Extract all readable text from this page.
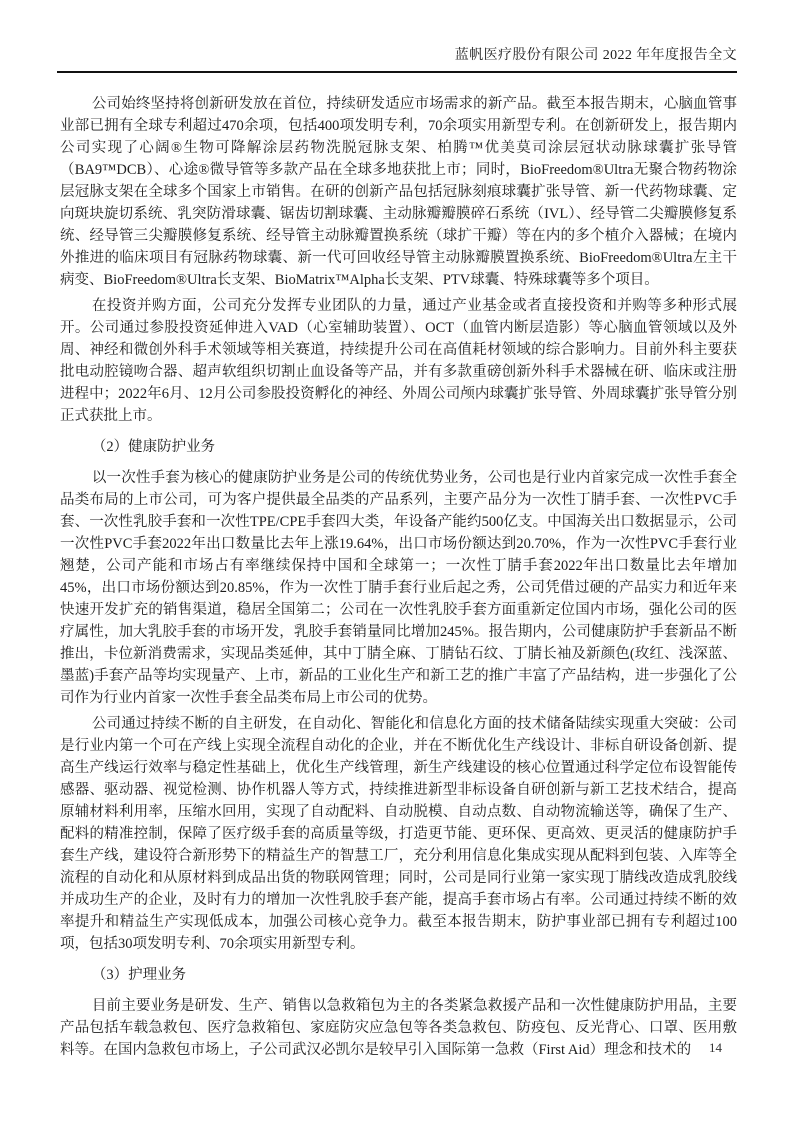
蓝帆医疗股份有限公司 2022 年年度报告全文

公司始终坚持将创新研发放在首位，持续研发适应市场需求的新产品。截至本报告期末，心脑血管事业部已拥有全球专利超过470余项，包括400项发明专利，70余项实用新型专利。在创新研发上，报告期内公司实现了心阔®生物可降解涂层药物洗脱冠脉支架、柏腾™优美莫司涂层冠状动脉球囊扩张导管（BA9™DCB）、心途®微导管等多款产品在全球多地获批上市；同时，BioFreedom®Ultra无聚合物药物涂层冠脉支架在全球多个国家上市销售。在研的创新产品包括冠脉刻痕球囊扩张导管、新一代药物球囊、定向斑块旋切系统、乳突防滑球囊、锯齿切割球囊、主动脉瓣瓣膜碎石系统（IVL）、经导管二尖瓣膜修复系统、经导管三尖瓣膜修复系统、经导管主动脉瓣置换系统（球扩干瓣）等在内的多个植介入器械；在境内外推进的临床项目有冠脉药物球囊、新一代可回收经导管主动脉瓣膜置换系统、BioFreedom®Ultra左主干病变、BioFreedom®Ultra长支架、BioMatrix™Alpha长支架、PTV球囊、特殊球囊等多个项目。

在投资并购方面，公司充分发挥专业团队的力量，通过产业基金或者直接投资和并购等多种形式展开。公司通过参股投资延伸进入VAD（心室辅助装置）、OCT（血管内断层造影）等心脑血管领域以及外周、神经和微创外科手术领域等相关赛道，持续提升公司在高值耗材领域的综合影响力。目前外科主要获批电动腔镜吻合器、超声软组织切割止血设备等产品，并有多款重磅创新外科手术器械在研、临床或注册进程中；2022年6月、12月公司参股投资孵化的神经、外周公司颅内球囊扩张导管、外周球囊扩张导管分别正式获批上市。

（2）健康防护业务

以一次性手套为核心的健康防护业务是公司的传统优势业务，公司也是行业内首家完成一次性手套全品类布局的上市公司，可为客户提供最全品类的产品系列，主要产品分为一次性丁腈手套、一次性PVC手套、一次性乳胶手套和一次性TPE/CPE手套四大类，年设备产能约500亿支。中国海关出口数据显示，公司一次性PVC手套2022年出口数量比去年上涨19.64%，出口市场份额达到20.70%，作为一次性PVC手套行业翘楚，公司产能和市场占有率继续保持中国和全球第一；一次性丁腈手套2022年出口数量比去年增加45%，出口市场份额达到20.85%，作为一次性丁腈手套行业后起之秀，公司凭借过硬的产品实力和近年来快速开发扩充的销售渠道，稳居全国第二；公司在一次性乳胶手套方面重新定位国内市场，强化公司的医疗属性，加大乳胶手套的市场开发，乳胶手套销量同比增加245%。报告期内，公司健康防护手套新品不断推出，卡位新消费需求，实现品类延伸，其中丁腈全麻、丁腈钻石纹、丁腈长袖及新颜色(玫红、浅深蓝、墨蓝)手套产品等均实现量产、上市，新品的工业化生产和新工艺的推广丰富了产品结构，进一步强化了公司作为行业内首家一次性手套全品类布局上市公司的优势。

公司通过持续不断的自主研发，在自动化、智能化和信息化方面的技术储备陆续实现重大突破：公司是行业内第一个可在产线上实现全流程自动化的企业，并在不断优化生产线设计、非标自研设备创新、提高生产线运行效率与稳定性基础上，优化生产线管理，新生产线建设的核心位置通过科学定位布设智能传感器、驱动器、视觉检测、协作机器人等方式，持续推进新型非标设备自研创新与新工艺技术结合，提高原辅材料利用率，压缩水回用，实现了自动配料、自动脱模、自动点数、自动物流输送等，确保了生产、配料的精准控制，保障了医疗级手套的高质量等级，打造更节能、更环保、更高效、更灵活的健康防护手套生产线，建设符合新形势下的精益生产的智慧工厂，充分利用信息化集成实现从配料到包装、入库等全流程的自动化和从原材料到成品出货的物联网管理；同时，公司是同行业第一家实现丁腈线改造成乳胶线并成功生产的企业，及时有力的增加一次性乳胶手套产能，提高手套市场占有率。公司通过持续不断的效率提升和精益生产实现低成本，加强公司核心竞争力。截至本报告期末，防护事业部已拥有专利超过100项，包括30项发明专利、70余项实用新型专利。

（3）护理业务

目前主要业务是研发、生产、销售以急救箱包为主的各类紧急救援产品和一次性健康防护用品，主要产品包括车载急救包、医疗急救箱包、家庭防灾应急包等各类急救包、防疫包、反光背心、口罩、医用敷料等。在国内急救包市场上，子公司武汉必凯尔是较早引入国际第一急救（First Aid）理念和技术的	14
